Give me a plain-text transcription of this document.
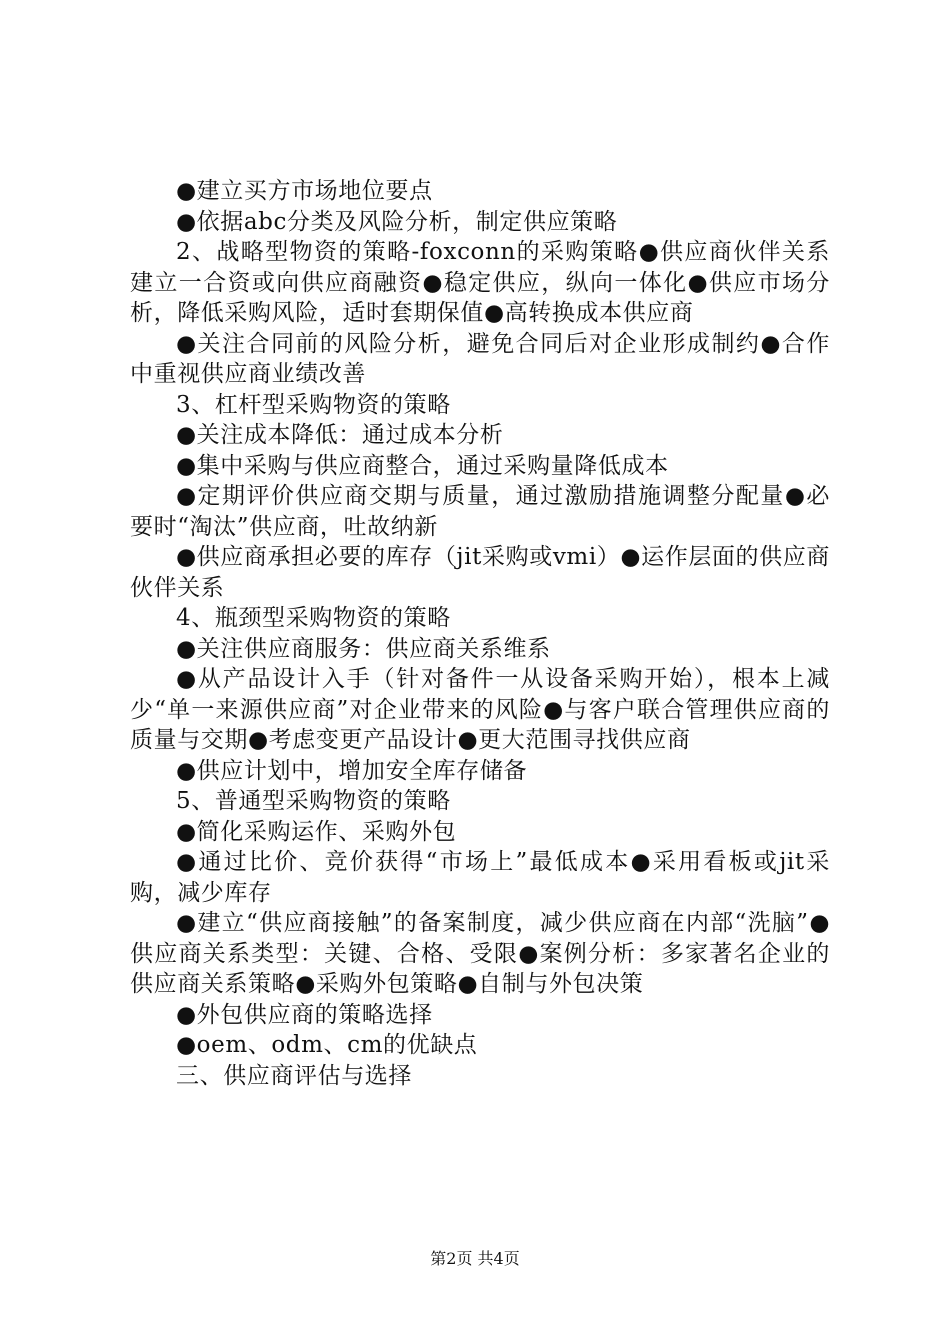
●建立买方市场地位要点

●依据abc分类及风险分析，制定供应策略

2、战略型物资的策略-foxconn的采购策略●供应商伙伴关系建立一合资或向供应商融资●稳定供应，纵向一体化●供应市场分析，降低采购风险，适时套期保值●高转换成本供应商

●关注合同前的风险分析，避免合同后对企业形成制约●合作中重视供应商业绩改善

3、杠杆型采购物资的策略

●关注成本降低：通过成本分析

●集中采购与供应商整合，通过采购量降低成本

●定期评价供应商交期与质量，通过激励措施调整分配量●必要时“淘汰”供应商，吐故纳新

●供应商承担必要的库存（jit采购或vmi）●运作层面的供应商伙伴关系

4、瓶颈型采购物资的策略

●关注供应商服务：供应商关系维系

●从产品设计入手（针对备件一从设备采购开始），根本上减少“单一来源供应商”对企业带来的风险●与客户联合管理供应商的质量与交期●考虑变更产品设计●更大范围寻找供应商

●供应计划中，增加安全库存储备

5、普通型采购物资的策略

●简化采购运作、采购外包

●通过比价、竞价获得“市场上”最低成本●采用看板或jit采购，减少库存

●建立“供应商接触”的备案制度，减少供应商在内部“洗脑”●供应商关系类型：关键、合格、受限●案例分析：多家著名企业的供应商关系策略●采购外包策略●自制与外包决策

●外包供应商的策略选择

●oem、odm、cm的优缺点

三、供应商评估与选择

第2页 共4页
